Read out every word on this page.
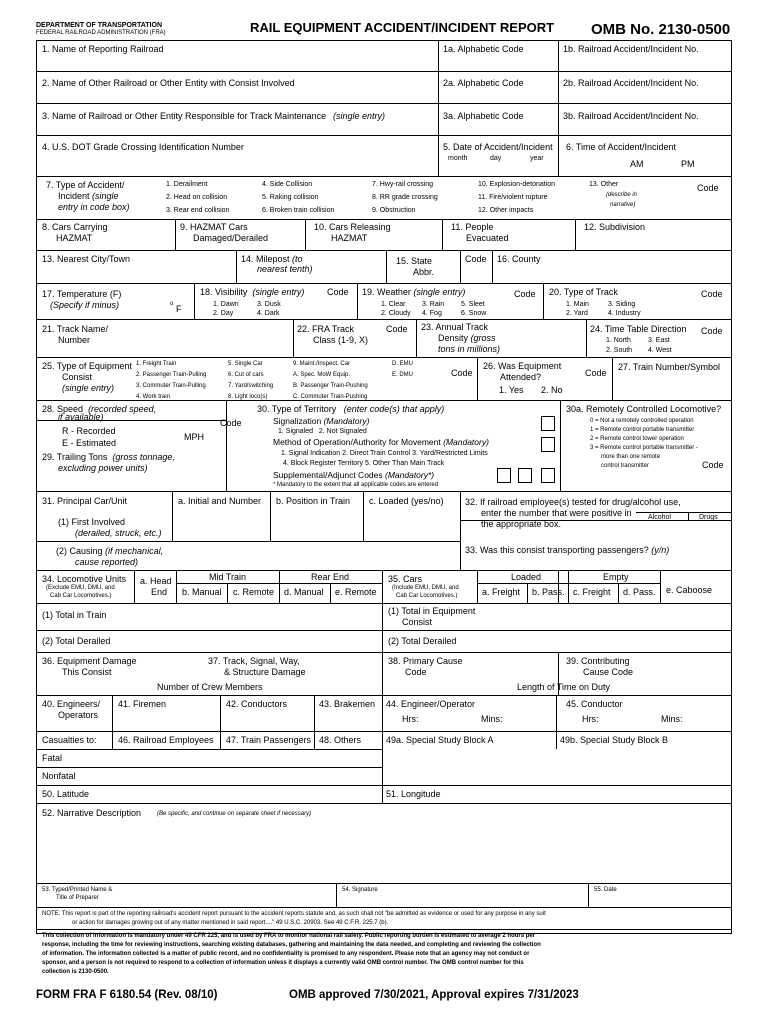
DEPARTMENT OF TRANSPORTATION
FEDERAL RAILROAD ADMINISTRATION (FRA)	RAIL EQUIPMENT ACCIDENT/INCIDENT REPORT OMB No. 2130-0500
1. Name of Reporting Railroad	1a. Alphabetic Code	1b. Railroad Accident/Incident No.
2. Name of Other Railroad or Other Entity with Consist Involved	2a. Alphabetic Code	2b. Railroad Accident/Incident No.
3. Name of Railroad or Other Entity Responsible for Track Maintenance (single entry)	3a. Alphabetic Code	3b. Railroad Accident/Incident No.
4. U.S. DOT Grade Crossing Identification Number	5. Date of Accident/Incident
month	day	year
6. Time of Accident/Incident
AM	PM
7. Type of Accident/
Incident (single
entry in code box)
1. Derailment
2. Head on collision
3. Rear end collision
4. Side Collision
5. Raking collision
6. Broken train collision
7. Hwy-rail crossing
8. RR grade crossing
9. Obstruction
10. Explosion-detonation
11. Fire/violent rupture
12. Other impacts
13. Other
(describe in
narrative)
Code
8. Cars Carrying
HAZMAT
9. HAZMAT Cars
Damaged/Derailed
10. Cars Releasing
HAZMAT
11. People
Evacuated
12. Subdivision
13. Nearest City/Town	14. Milepost (to
nearest tenth)
15. State
Abbr.
Code 16. County
17. Temperature (F)
(Specify if minus)	o F
18. Visibility (single entry)
1. Dawn
2. Day
3. Dusk
4. Dark
Code 19. Weather (single entry)
1. Clear
2. Cloudy
3. Rain
4. Fog
5. Sleet
6. Snow
Code 20. Type of Track
1. Main
2. Yard
3. Siding
4. Industry
Code
21. Track Name/
Number
22. FRA Track
Class (1-9, X)
Code 23. Annual Track
Density (gross
tons in millions)
24. Time Table Direction
1. North
2. South
3. East
4. West
Code
25. Type of Equipment
Consist
(single entry)
1. Freight Train
2. Passenger Train-Pulling
3. Commuter Train-Pulling
4. Work train
5. Single Car
6. Cut of cars
7. Yard/switching
8. Light loco(s)
9. Maint./Inspect. Car
A. Spec. MoW Equip.
B. Passenger Train-Pushing
C. Commuter Train-Pushing
D. EMU
E. DMU	Code
26. Was Equipment
Attended?
1. Yes 2. No
Code
27. Train Number/Symbol
28. Speed (recorded speed,
if available)
R - Recorded
E - Estimated
MPH
Code
29. Trailing Tons (gross tonnage,
excluding power units)
30. Type of Territory (enter code(s) that apply)
Signalization (Mandatory)
1. Signaled 2. Not Signaled
Method of Operation/Authority for Movement (Mandatory)
1. Signal Indication 2. Direct Train Control 3. Yard/Restricted Limits
4. Block Register Territory 5. Other Than Main Track
Supplemental/Adjunct Codes (Mandatory*)
* Mandatory to the extent that all applicable codes are entered
30a. Remotely Controlled Locomotive?
0 = Not a remotely controlled operation
1 = Remote control portable transmitter
2 = Remote control tower operation
3 = Remote control portable transmitter -
more than one remote
control transmitter	Code
31. Principal Car/Unit	a. Initial and Number b. Position in Train c. Loaded (yes/no)
(1) First Involved
(derailed, struck, etc.)
(2) Causing (if mechanical,
cause reported)
32. If railroad employee(s) tested for drug/alcohol use,
enter the number that were positive in
the appropriate box.
Alcohol	Drugs
33. Was this consist transporting passengers? (y/n)
34. Locomotive Units
(Exclude EMU, DMU, and
Cab Car Locomotives.)
a. Head
End
Mid Train	Rear End
b. Manual c. Remote d. Manual e. Remote
35. Cars
(Include EMU, DMU, and
Cab Car Locomotives.)
Loaded	Empty
a. Freight b. Pass. c. Freight d. Pass. e. Caboose
(1) Total in Train	(1) Total in Equipment
Consist
(2) Total Derailed	(2) Total Derailed
36. Equipment Damage
This Consist
37. Track, Signal, Way,
& Structure Damage
38. Primary Cause
Code
39. Contributing
Cause Code
Number of Crew Members	Length of Time on Duty
40. Engineers/
Operators
41. Firemen	42. Conductors	43. Brakemen 44. Engineer/Operator
Hrs:	Mins:
45. Conductor
Hrs:	Mins:
Casualties to: 46. Railroad Employees 47. Train Passengers 48. Others	49a. Special Study Block A	49b. Special Study Block B
Fatal
Nonfatal
50. Latitude	51. Longitude
52. Narrative Description	(Be specific, and continue on separate sheet if necessary)
53. Typed/Printed Name &
Title of Preparer
54. Signature	55. Date
NOTE: This report is part of the reporting railroad's accident report pursuant to the accident reports statute and, as such shall not "be admitted as evidence or used for any purpose in any suit
or action for damages growing out of any matter mentioned in said report...." 49 U.S.C. 20903. See 49 C.F.R. 225.7 (b).
This collection of information is mandatory under 49 CFR 225, and is used by FRA to monitor national rail safety. Public reporting burden is estimated to average 2 hours per
response, including the time for reviewing instructions, searching existing databases, gathering and maintaining the data needed, and completing and reviewing the collection
of information. The information collected is a matter of public record, and no confidentiality is promised to any respondent. Please note that an agency may not conduct or
sponsor, and a person is not required to respond to a collection of information unless it displays a currently valid OMB control number. The OMB control number for this
collection is 2130-0500.
FORM FRA F 6180.54 (Rev. 08/10)	OMB approved 7/30/2021, Approval expires 7/31/2023
